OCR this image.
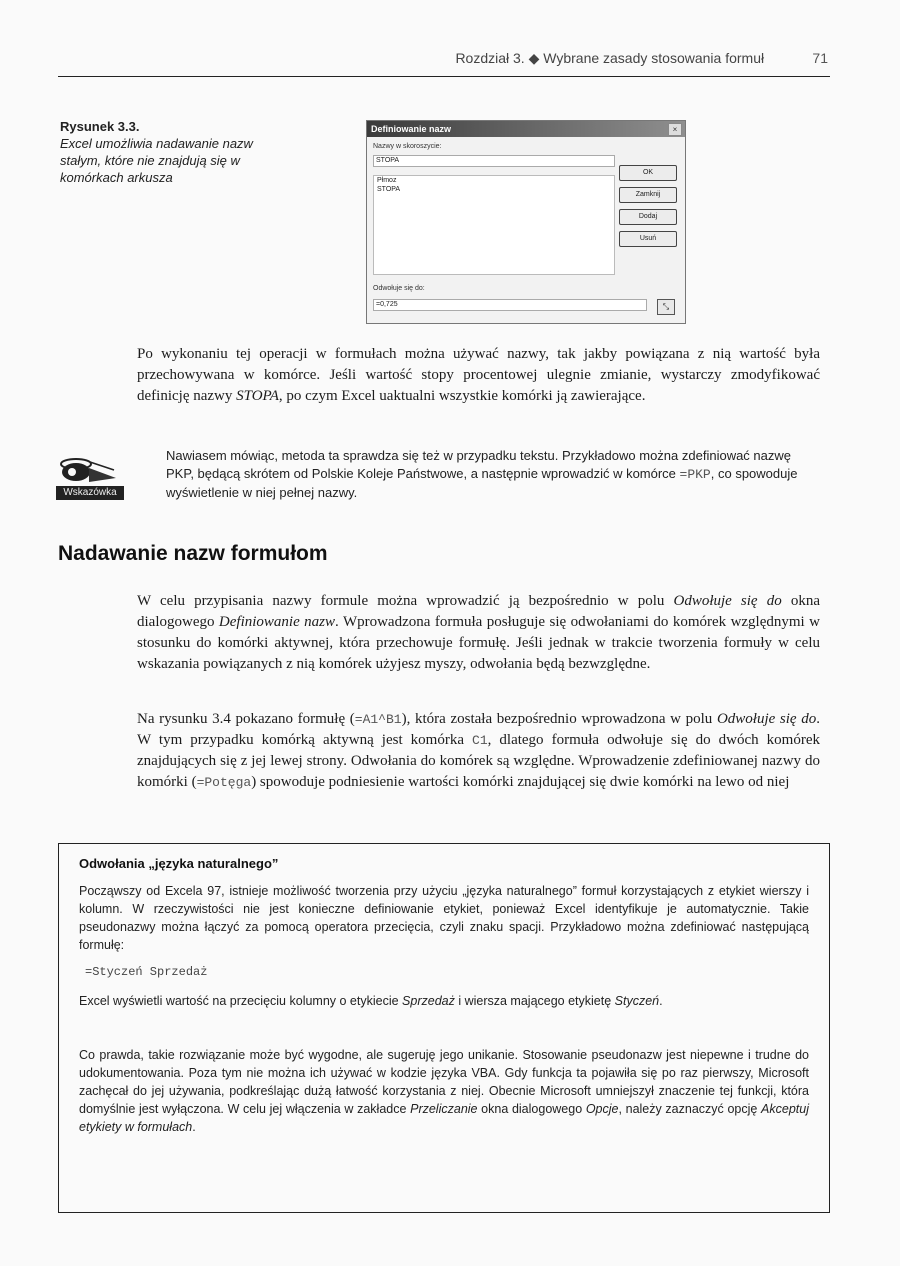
Rozdział 3. ◆ Wybrane zasady stosowania formuł	71
Rysunek 3.3.
Excel umożliwia nadawanie nazw stałym, które nie znajdują się w komórkach arkusza
Definiowanie nazw	×
Nazwy w skoroszycie:
STOPA
Płmoz
STOPA
OK
Zamknij
Dodaj
Usuń
Odwołuje się do:
=0,725	⤡
Po wykonaniu tej operacji w formułach można używać nazwy, tak jakby powiązana z nią wartość była przechowywana w komórce. Jeśli wartość stopy procentowej ulegnie zmianie, wystarczy zmodyfikować definicję nazwy STOPA, po czym Excel uaktualni wszystkie komórki ją zawierające.
Wskazówka
Nawiasem mówiąc, metoda ta sprawdza się też w przypadku tekstu. Przykładowo można zdefiniować nazwę PKP, będącą skrótem od Polskie Koleje Państwowe, a następnie wprowadzić w komórce =PKP, co spowoduje wyświetlenie w niej pełnej nazwy.
Nadawanie nazw formułom
W celu przypisania nazwy formule można wprowadzić ją bezpośrednio w polu Odwołuje się do okna dialogowego Definiowanie nazw. Wprowadzona formuła posługuje się odwołaniami do komórek względnymi w stosunku do komórki aktywnej, która przechowuje formułę. Jeśli jednak w trakcie tworzenia formuły w celu wskazania powiązanych z nią komórek użyjesz myszy, odwołania będą bezwzględne.
Na rysunku 3.4 pokazano formułę (=A1^B1), która została bezpośrednio wprowadzona w polu Odwołuje się do. W tym przypadku komórką aktywną jest komórka C1, dlatego formuła odwołuje się do dwóch komórek znajdujących się z jej lewej strony. Odwołania do komórek są względne. Wprowadzenie zdefiniowanej nazwy do komórki (=Potęga) spowoduje podniesienie wartości komórki znajdującej się dwie komórki na lewo od niej
Odwołania „języka naturalnego”
Począwszy od Excela 97, istnieje możliwość tworzenia przy użyciu „języka naturalnego” formuł korzystających z etykiet wierszy i kolumn. W rzeczywistości nie jest konieczne definiowanie etykiet, ponieważ Excel identyfikuje je automatycznie. Takie pseudonazwy można łączyć za pomocą operatora przecięcia, czyli znaku spacji. Przykładowo można zdefiniować następującą formułę:
=Styczeń Sprzedaż
Excel wyświetli wartość na przecięciu kolumny o etykiecie Sprzedaż i wiersza mającego etykietę Styczeń.
Co prawda, takie rozwiązanie może być wygodne, ale sugeruję jego unikanie. Stosowanie pseudonazw jest niepewne i trudne do udokumentowania. Poza tym nie można ich używać w kodzie języka VBA. Gdy funkcja ta pojawiła się po raz pierwszy, Microsoft zachęcał do jej używania, podkreślając dużą łatwość korzystania z niej. Obecnie Microsoft umniejszył znaczenie tej funkcji, która domyślnie jest wyłączona. W celu jej włączenia w zakładce Przeliczanie okna dialogowego Opcje, należy zaznaczyć opcję Akceptuj etykiety w formułach.
